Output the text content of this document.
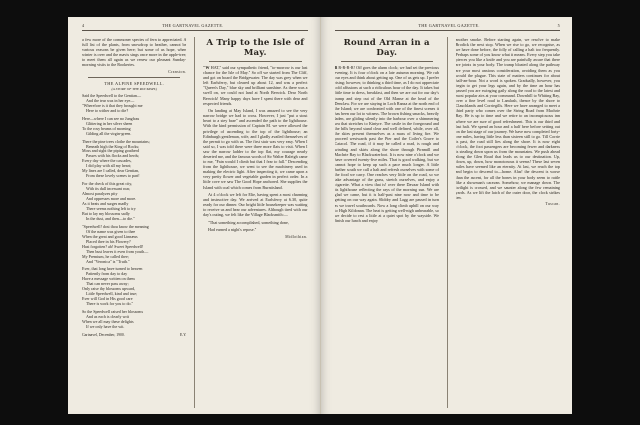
4	THE GARTNAVEL GAZETTE.

a few more of the commoner species of fern to appreciated. A full list of the plants, from snowdrop to heather, cannot be various reasons be given here; but some of us hope, when winter is over and the mavis sings once more in the apple-tree, to meet them all again as we renew our pleasant Sunday-morning visits to the Rookeries.

Cranston.
THE ALPINE SPEEDWELL.
(A STORY OF THE ROCKERY.)
Said the Speedwell to the Gentian—
And the tear was in her eye—
"Wherefore is it that they brought me
Here to wither and to die?
Here—where I can see no Jungfrau
Glittering in her silver sheen
To the rosy beams of morning
Gilding all the virgin-green.
There the pine trees clothe the mountains;
Beneath high the King of Rocks;
Moss and sight the piping goatherd
Passes with his flocks and herds;
Every day where the cascades,
I did play with all my heart;
My lines are I called, dear Gentian,
From these lovely scenes to part!
For the check of this great city,
With its dull incessant roar,
Almost paralyzes pity
And oppresses more and more.
As it beats and surges madly
There seems nothing left to try
But to lay my blossoms sadly
In the dust, and then—to die."
"Speedwell! dost thou know the meaning
Of the name was given to thee
When the great and good Linnæus
Placed thee in his Flowery?
Hast forgotten? ah! Sweet Speedwell!
Then bust leaves it even from youth—
My Premium, he called thee;
And "Veronica" is "Truth."
Ever, that long have turned to heaven
Patiently from day to day
Have a message written on them
That can never pass away;
Only raise thy blossoms upward,
Little Speedwell, kind and true;
Ever will God in His good care
There is work for you to do."
So the Speedwell raised her blossoms
And as each is clearly writ
When we all may these delights
If we only have the wit.
Gartnavel, December, 1900.	E.Y.
A Trip to the Isle of May.

"W HAT," said our sympathetic friend, "to-morrow is our last chance for the Isle of May." So off we started from The Cliff, and got on board the Bridgewater. The day was grey when we left Earlsferry, but cleared up about 12, and was a perfect "Queen's Day," blue sky and brilliant sunshine. As there was a swell on, we could not land at North Berwick. Dear North Berwick! Many happy days have I spent there with dear and respected friends.

On landing at May Island, I was amazed to see the very narrow bridge we had to cross. However, I just "put a stout heart to a stey brae" and ascended the path to the lighthouse. With the kind permission of Captain M. we were allowed the privilege of ascending to the top of the lighthouse; an Edinburgh gentleman, wife, and I gladly availed themselves of the permit to go with us. The first stair was very easy. When I said so, I was told there were three more flats to visit. When I saw the narrow ladder to the top flat, my courage nearly deserted me, and the famous words of Sir Walter Raleigh came to me, "Fain would I climb but that I fear to fall." Descending from the lighthouse, we went to see the machinery used in making the electric light. After inspecting it, we came upon a very pretty flower and vegetable garden in perfect order. In a little cove we saw The Good Hope anchored. She supplies the Island with coal which comes from Burntisland.

At 4 o'clock we left for Elie, having spent a most charming and instructive day. We arrived at Earlsferry at 6.30, quite ready for our dinner. Our bright little housekeeper was waiting to receive us and hear our adventures. Although tired with our day's outing, we felt like the Village Blacksmith:—

"That something accomplished, something done,

Had earned a night's repose."

Midlothian.
THE GARTNAVEL GAZETTE.	5
Round Arran in a Day.

B R-R-R-R! Off goes the alarm clock; we had set the previous evening. It is four o'clock on a late autumn morning. We rub our eyes and think about getting up. One of us gets up. I prefer rising; however, to thinking a third time, as I do not appreciate cold affusions at such a ridiculous hour of the day. It takes but little time to dress, breakfast, and then we are out for our day's tramp and step out of the Old Manse at the head of the Denclaw. For we are staying in Loch Ranza at the north end of the Island; we are confronted with one of the finest scenes it has been our lot to witness. The brown fishing smacks, heavily laden, are gliding silently into the harbour over a shimmering sea that stretches to Kintyre. The castle in the foreground and the hills beyond stand clear and well defined, while, over all, the skies present themselves as a mass of living fire. We proceed westwards past the Pier and the Coiler's Grave to Catacol. The road, if it may be called a road, is rough and winding and skirts along the shore through Pirnmill and Machrie Bay to Blackwaterfoot. It is now nine o'clock and we have covered twenty-five miles. That is good walking, but we cannot hope to keep up such a pace much longer. A little further south we call a halt and refresh ourselves with some of the food we carry. One reaches very little on the road, so we take advantage of the grass, stretch ourselves, and enjoy a cigarette. What a view that is! over there Davaar Island with its lighthouse reflecting the rays of the morning sun. We are glad we came, but it is half-past nine now and time to be getting on our way again. Sliddry and Lagg are passed in turn as we travel southwards. Now a long climb uphill on our way to High Kildonan. The heat is getting well-nigh unbearable, so we decide to rest a little at a quiet spot by the wayside. We finish our lunch and enjoy

another smoke. Before starting again, we resolve to make Brodick the next stop. When we rise to go, we recognise, as we have done before, the folly of calling a halt too frequently. Perhaps some of you know what it means. Every step you take pierces you like a knife and you are painfully aware that there are joints in your body. The tramp bloated along the pathway are your most anxious consideration, avoiding them as you would the plague. This state of matters continues for about half-an-hour. Not a word is spoken. Gradually, however, you begin to get your legs again, and by the time an hour has passed you are swinging gaily along the road to the latest and most popular airs at your command. Downhill to Whiting Bay, over a fine level road to Lamlash, thence by the shore to Clauchlands and Corriegills. Here we have arranged to meet a third party who comes over the String Road from Machrie Bay. He is up to time and we retire to an inconspicuous inn where we are sure of good refreshment. This is our third and last halt. We spend an hour and a half here before setting out on the last stage of our journey. We have now completed forty-one miles, having little less than sixteen still to go. Till Corrie is past, the road still lies along the shore. It is now eight o'clock, the foot passengers are becoming fewer and darkness is stealing down upon us from the mountains. We push ahead along the Glen Road that leads us to our destination. Up, down, up, down, how monotonous it seems! These last seven miles have seemed like an eternity. At last, we reach the top and begin to descend to—home. Alas! the descent is worse than the ascent, for all the bones in your body seem to rattle like a showman's caravan. Somehow, we manage down. The twilight is crossed, and we saunter along the few remaining yards. As we lift the latch of the outer door, the clock strikes ten.

Tuscan.
